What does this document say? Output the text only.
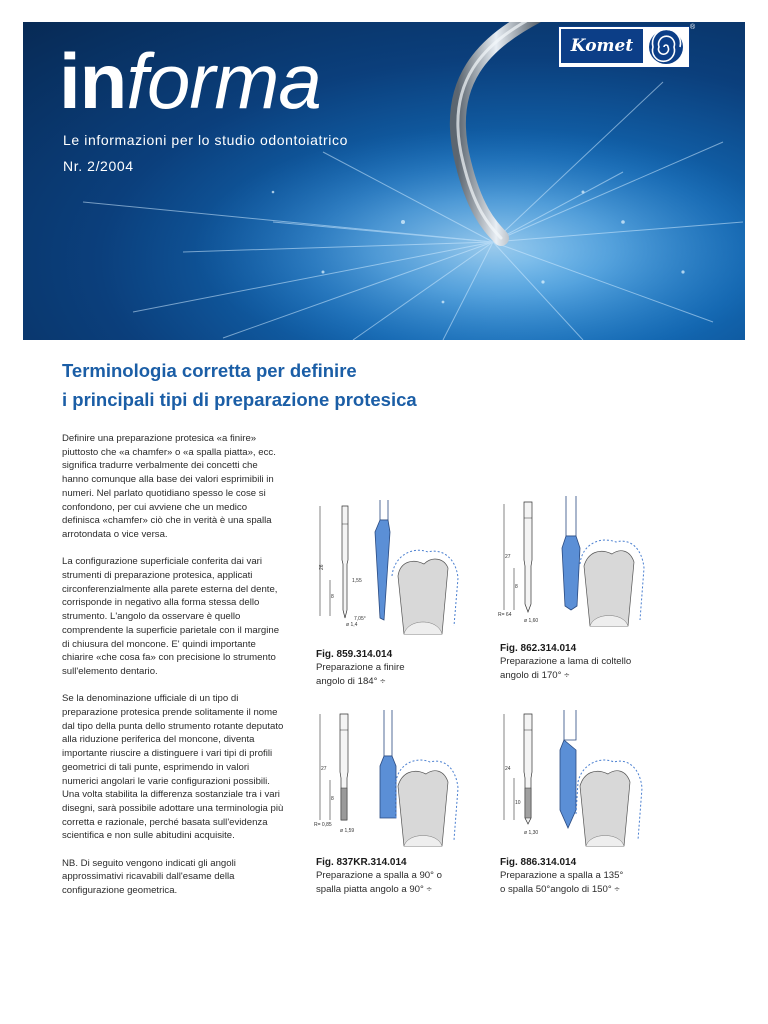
informa
Le informazioni per lo studio odontoiatrico
Nr. 2/2004
Komet
®
Terminologia corretta per definire
i principali tipi di preparazione protesica

Definire una preparazione protesica «a finire» piuttosto che «a chamfer» o «a spalla piatta», ecc. significa tradurre verbalmente dei concetti che hanno comunque alla base dei valori esprimibili in numeri. Nel parlato quotidiano spesso le cose si confondono, per cui avviene che un medico definisca «chamfer» ciò che in verità è una spalla arrotondata o vice versa.

La configurazione superficiale conferita dai vari strumenti di preparazione protesica, applicati circonferenzialmente alla parete esterna del dente, corrisponde in negativo alla forma stessa dello strumento. L'angolo da osservare è quello comprendente la superficie parietale con il margine di chiusura del moncone. E' quindi importante chiarire «che cosa fa» con precisione lo strumento sull'elemento dentario.

Se la denominazione ufficiale di un tipo di preparazione protesica prende solitamente il nome dal tipo della punta dello strumento rotante deputato alla riduzione periferica del moncone, diventa importante riuscire a distinguere i vari tipi di profili geometrici di tali punte, esprimendo in valori numerici angolari le varie configurazioni possibili. Una volta stabilita la differenza sostanziale tra i vari disegni, sarà possibile adottare una terminologia più corretta e razionale, perché basata sull'evidenza scientifica e non sulle abitudini acquisite.

NB. Di seguito vengono indicati gli angoli approssimativi ricavabili dall'esame della configurazione geometrica.

26
8
1,55
ø 1,4
7,05°
Fig. 859.314.014
Preparazione a finire
angolo di 184° ÷
27
8
R= 64
ø 1,60
Fig. 862.314.014
Preparazione a lama di coltello
angolo di 170° ÷
27
8
R= 0,85
ø 1,59
Fig. 837KR.314.014
Preparazione a spalla a 90° o
spalla piatta angolo a 90° ÷
24
10
ø 1,30
Fig. 886.314.014
Preparazione a spalla a 135°
o spalla 50°angolo di 150° ÷
